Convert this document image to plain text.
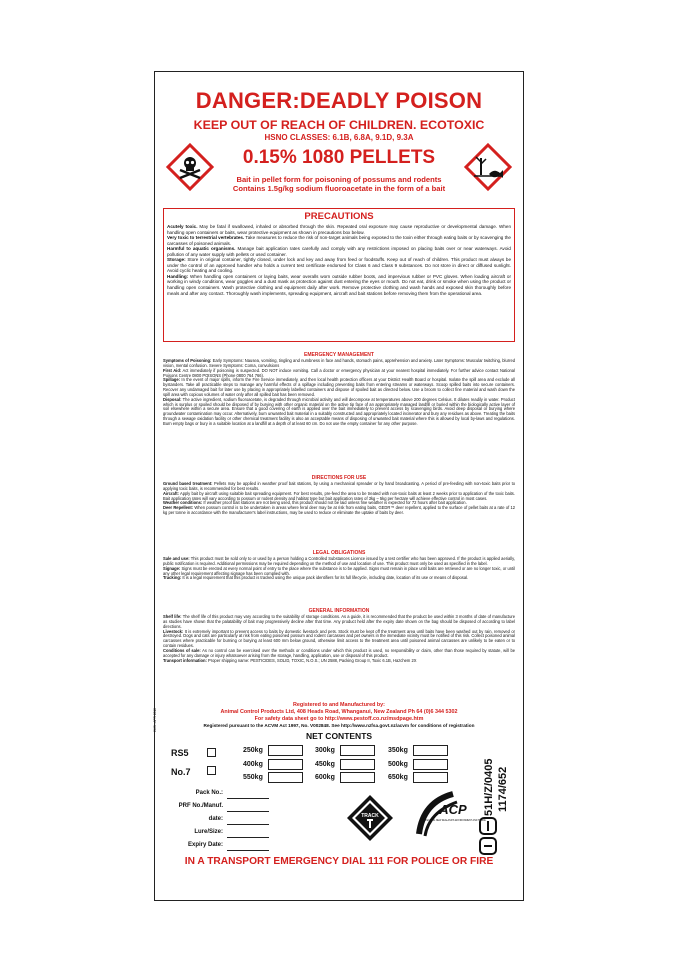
DANGER:DEADLY POISON
KEEP OUT OF REACH OF CHILDREN. ECOTOXIC
HSNO CLASSES: 6.1B, 6.8A, 9.1D, 9.3A
0.15% 1080 PELLETS
Bait in pellet form for poisoning of possums and rodents
Contains 1.5g/kg sodium fluoroacetate in the form of a bait
PRECAUTIONS
Acutely toxic. May be fatal if swallowed, inhaled or absorbed through the skin. Repeated oral exposure may cause reproductive or developmental damage. When handling open containers or baits, wear protective equipment as shown in precautions box below.
Very toxic to terrestrial vertebrates. Take measures to reduce the risk of non-target animals being exposed to the toxin either through eating baits or by scavenging the carcasses of poisoned animals.
Harmful to aquatic organisms. Manage bait application rates carefully and comply with any restrictions imposed on placing baits over or near waterways. Avoid pollution of any water supply with pellets or used container.
Storage: Store in original container, tightly closed, under lock and key and away from feed or foodstuffs. Keep out of reach of children. This product must always be under the control of an approved handler who holds a current test certificate endorsed for Class 6 and Class 9 substances. Do not store in direct or diffused sunlight. Avoid cyclic heating and cooling.
Handling: When handling open containers or laying baits, wear overalls worn outside rubber boots, and impervious rubber or PVC gloves. When loading aircraft or working in windy conditions, wear goggles and a dust mask as protection against dust entering the eyes or mouth. Do not eat, drink or smoke when using the product or handling open containers. Wash protective clothing and equipment daily after work. Remove protective clothing and wash hands and exposed skin thoroughly before meals and after any contact. Thoroughly wash implements, spreading equipment, aircraft and bait stations before removing them from the operational area.
EMERGENCY MANAGEMENT
Symptoms of Poisoning: Early Symptoms: Nausea, vomiting, tingling and numbness in face and hands, stomach pains, apprehension and anxiety. Later Symptoms: Muscular twitching, blurred vision, mental confusion. Severe Symptoms: Coma, convulsions
First Aid: Act immediately if poisoning is suspected. DO NOT induce vomiting. Call a doctor or emergency physician at your nearest hospital immediately. For further advice contact National Poisons Centre 0800 POISONS (Phone 0800 764 766).
Spillage: In the event of major spills, inform the Fire Service immediately, and then local health protection officers at your District Health Board or hospital. Isolate the spill area and exclude all bystanders. Take all practicable steps to manage any harmful effects of a spillage including preventing baits from entering streams or waterways. Scoop spilled baits into secure containers. Recover any undamaged bait for later use by placing in appropriately labelled containers and dispose of spoiled bait as directed below. Use a broom to collect fine material and wash down the spill area with copious volumes of water only after all spilled bait has been removed.
Disposal: The active ingredient, sodium fluoroacetate, is degraded through microbial activity and will decompose at temperatures above 200 degrees Celsius. It dilutes readily in water. Product which is surplus or spoiled should be disposed of by burying with other organic material on the active tip face of an appropriately managed landfill or buried within the biologically active layer of soil elsewhere within a secure area. Ensure that a good covering of earth is applied over the bait immediately to prevent access by scavenging birds. Avoid deep disposal or burying where groundwater contamination may occur. Alternatively, burn unwanted bait material in a suitably constructed and appropriately located incinerator and bury any residues as above. Treating the baits through a sewage oxidation facility or other chemical treatment facility is also an acceptable means of disposing of unwanted bait material where this is allowed by local by-laws and regulations. Burn empty bags or bury in a suitable location at a landfill at a depth of at least 60 cm. Do not use the empty container for any other purpose.
DIRECTIONS FOR USE
Ground based treatment: Pellets may be applied in weather proof bait stations, by using a mechanical spreader or by hand broadcasting. A period of pre-feeding with non-toxic baits prior to applying toxic baits, is recommended for best results.
Aircraft: Apply bait by aircraft using suitable bait spreading equipment. For best results, pre-feed the area to be treated with non-toxic baits at least 2 weeks prior to application of the toxic baits. Bait application rates will vary according to possum or rodent density and habitat type but bait application rates of 3kg – 5kg per hectare will achieve effective control in most cases.
Weather conditions: If weather proof bait stations are not being used, this product should not be laid unless fine weather is expected for 72 hours after bait application.
Deer Repellent: When possum control is to be undertaken in areas where feral deer may be at risk from eating baits, GEDR™ deer repellent, applied to the surface of pellet baits at a rate of 12 kg per tonne in accordance with the manufacturer's label instructions, may be used to reduce or eliminate the uptake of baits by deer.
LEGAL OBLIGATIONS
Sale and use: This product must be sold only to or used by a person holding a Controlled Substances Licence issued by a test certifier who has been approved. If the product is applied aerially, public notification is required. Additional permissions may be required depending on the method of use and location of use. This product must only be used as specified in the label.
Signage: Signs must be erected at every normal point of entry to the place where the substance is to be applied. Signs must remain in place until baits are retrieved or are no longer toxic, or until any other legal requirement affecting signage has been complied with.
Tracking: It is a legal requirement that this product is tracked using the unique pack identifiers for its full lifecycle, including date, location of its use or means of disposal.
GENERAL INFORMATION
Shelf life: The shelf life of this product may vary according to the suitability of storage conditions. As a guide, it is recommended that the product be used within 3 months of date of manufacture as studies have shown that the palatability of bait may progressively decline after that time. Any product held after the expiry date shown on the bag should be disposed of according to label directions.
Livestock: It is extremely important to prevent access to baits by domestic livestock and pets. Stock must be kept off the treatment area until baits have been washed out by rain, removed or destroyed. Dogs and cats are particularly at risk from eating poisoned possum and rodent carcasses and pet owners in the immediate vicinity must be notified of this risk. Collect poisoned animal carcasses where practicable for burning or burying at least 600 mm below ground, otherwise limit access to the treatment area until poisoned animal carcasses are unlikely to be eaten or to contain residues.
Conditions of sale: As no control can be exercised over the methods or conditions under which this product is used, no responsibility or claim, other than those required by statute, will be accepted for any damage or injury whatsoever arising from the storage, handling, application, use or disposal of this product.
Transport information: Proper shipping name: PESTICIDES, SOLID, TOXIC, N.O.S.; UN 2588, Packing Group II, Toxic 6.1B, Hazchem 2X
Registered to and Manufactured by:
Animal Control Products Ltd, 408 Heads Road, Whanganui, New Zealand Ph 64 (0)6 344 5302
For safety data sheet go to http://www.pestoff.co.nz/msdpage.htm
Registered pursuant to the ACVM Act 1997, No. V002848. See http://www.nzfsa.govt.nz/acvm for conditions of registration
WJS - APR 2010
NET CONTENTS
RS5
No.7
250kg	300kg	350kg
400kg	450kg	500kg
550kg	600kg	650kg
Pack No.:
PRF No./Manuf.
date:
Lure/Size:
Expiry Date:
TRACK	ACP
PROTECTING NEW ZEALAND'S ENVIRONMENT AND TRADE
51H/Z/0405 1174/652
IN A TRANSPORT EMERGENCY DIAL 111 FOR POLICE OR FIRE
